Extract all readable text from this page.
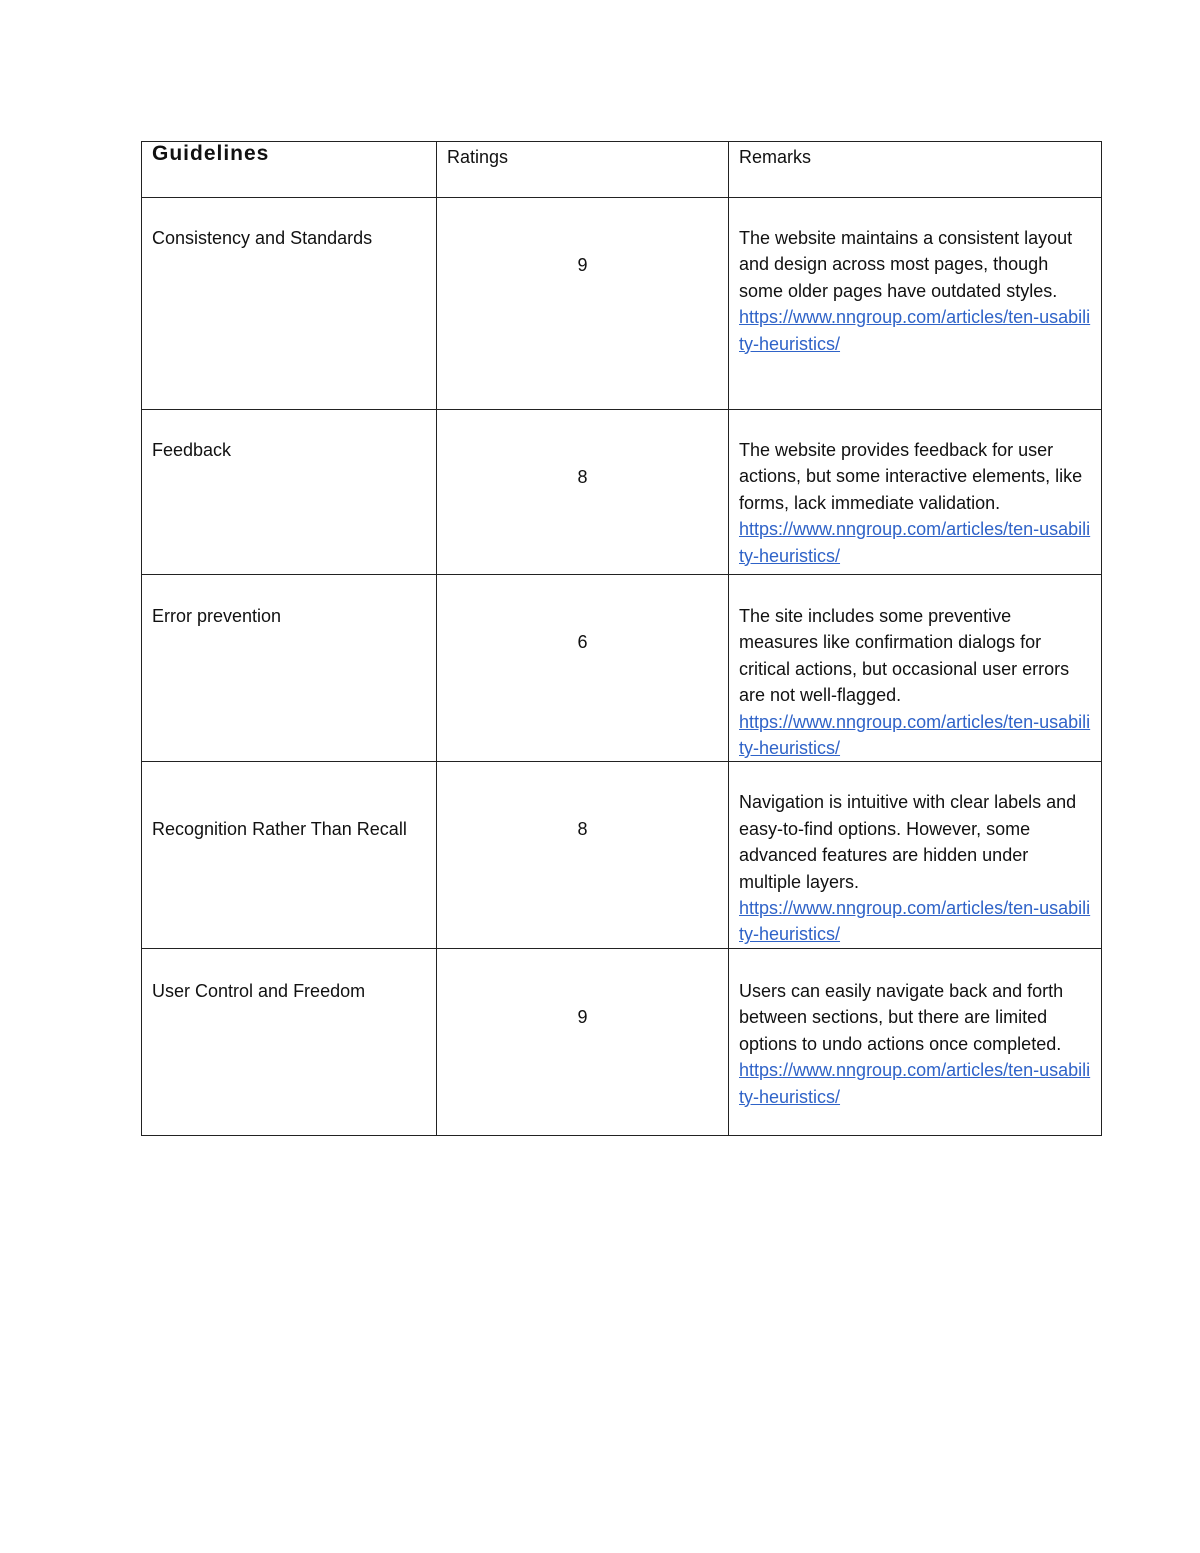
Guidelines	Ratings	Remarks

Consistency and Standards	9	The website maintains a consistent layout and design across most pages, though some older pages have outdated styles.
https://www.nngroup.com/articles/ten-usability-heuristics/

Feedback	8	The website provides feedback for user actions, but some interactive elements, like forms, lack immediate validation.
https://www.nngroup.com/articles/ten-usability-heuristics/

Error prevention	6	The site includes some preventive measures like confirmation dialogs for critical actions, but occasional user errors are not well-flagged.
https://www.nngroup.com/articles/ten-usability-heuristics/

Recognition Rather Than Recall	8	Navigation is intuitive with clear labels and easy-to-find options. However, some advanced features are hidden under multiple layers.
https://www.nngroup.com/articles/ten-usability-heuristics/

User Control and Freedom	9	Users can easily navigate back and forth between sections, but there are limited options to undo actions once completed.
https://www.nngroup.com/articles/ten-usability-heuristics/
